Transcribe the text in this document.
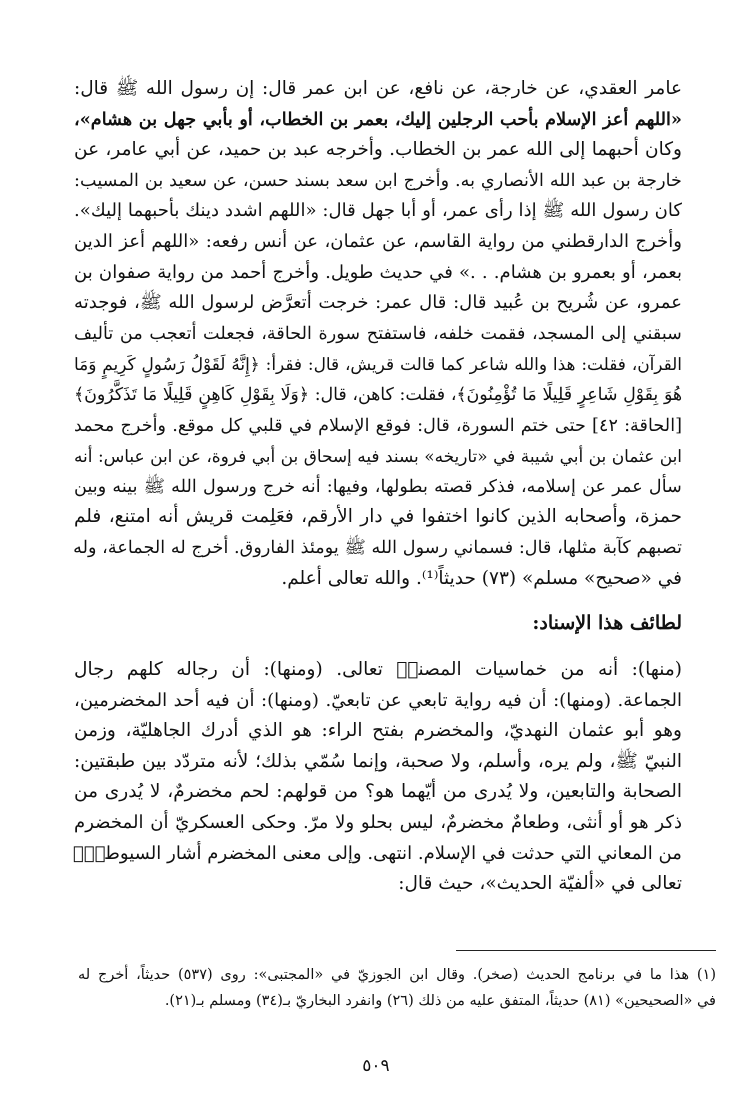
عامر العقدي، عن خارجة، عن نافع، عن ابن عمر قال: إن رسول الله ﷺ قال:
«اللهم أعز الإسلام بأحب الرجلين إليك، بعمر بن الخطاب، أو بأبي جهل بن هشام»،
وكان أحبهما إلى الله عمر بن الخطاب. وأخرجه عبد بن حميد، عن أبي عامر، عن
خارجة بن عبد الله الأنصاري به. وأخرج ابن سعد بسند حسن، عن سعيد بن المسيب:
كان رسول الله ﷺ إذا رأى عمر، أو أبا جهل قال: «اللهم اشدد دينك بأحبهما إليك».
وأخرج الدارقطني من رواية القاسم، عن عثمان، عن أنس رفعه: «اللهم أعز الدين
بعمر، أو بعمرو بن هشام. . .» في حديث طويل. وأخرج أحمد من رواية صفوان بن
عمرو، عن شُريح بن عُبيد قال: قال عمر: خرجت أتعرَّض لرسول الله ﷺ، فوجدته
سبقني إلى المسجد، فقمت خلفه، فاستفتح سورة الحاقة، فجعلت أتعجب من تأليف
القرآن، فقلت: هذا والله شاعر كما قالت قريش، قال: فقرأ: ﴿إِنَّهُ لَقَوْلُ رَسُولٍ كَرِيمٍ وَمَا
هُوَ بِقَوْلِ شَاعِرٍ قَلِيلًا مَا تُؤْمِنُونَ﴾، فقلت: كاهن، قال: ﴿وَلَا بِقَوْلِ كَاهِنٍ قَلِيلًا مَا تَذَكَّرُونَ﴾
[الحاقة: ٤٢] حتى ختم السورة، قال: فوقع الإسلام في قلبي كل موقع. وأخرج محمد
ابن عثمان بن أبي شيبة في «تاريخه» بسند فيه إسحاق بن أبي فروة، عن ابن عباس: أنه
سأل عمر عن إسلامه، فذكر قصته بطولها، وفيها: أنه خرج ورسول الله ﷺ بينه وبين
حمزة، وأصحابه الذين كانوا اختفوا في دار الأرقم، فعَلِمت قريش أنه امتنع، فلم
تصبهم كآبة مثلها، قال: فسماني رسول الله ﷺ يومئذ الفاروق. أخرج له الجماعة، وله
في «صحيح» مسلم» (٧٣) حديثاً⁽¹⁾. والله تعالى أعلم.
لطائف هذا الإسناد:
(منها): أنه من خماسيات المصنفؒ تعالى. (ومنها): أن رجاله كلهم رجال
الجماعة. (ومنها): أن فيه رواية تابعي عن تابعيّ. (ومنها): أن فيه أحد المخضرمين،
وهو أبو عثمان النهديّ، والمخضرم بفتح الراء: هو الذي أدرك الجاهليّة، وزمن
النبيّ ﷺ، ولم يره، وأسلم، ولا صحبة، وإنما سُمّي بذلك؛ لأنه متردّد بين طبقتين:
الصحابة والتابعين، ولا يُدرى من أيّهما هو؟ من قولهم: لحم مخضرمٌ، لا يُدرى من
ذكر هو أو أنثى، وطعامٌ مخضرمٌ، ليس بحلو ولا مرّ. وحكى العسكريّ أن المخضرم
من المعاني التي حدثت في الإسلام. انتهى. وإلى معنى المخضرم أشار السيوطيّؒ
تعالى في «ألفيّة الحديث»، حيث قال:
(١) هذا ما في برنامج الحديث (صخر). وقال ابن الجوزيّ في «المجتبى»: روى (٥٣٧) حديثاً، أخرج له
في «الصحيحين» (٨١) حديثاً، المتفق عليه من ذلك (٢٦) وانفرد البخاريّ بـ(٣٤) ومسلم بـ(٢١).
٥٠٩
